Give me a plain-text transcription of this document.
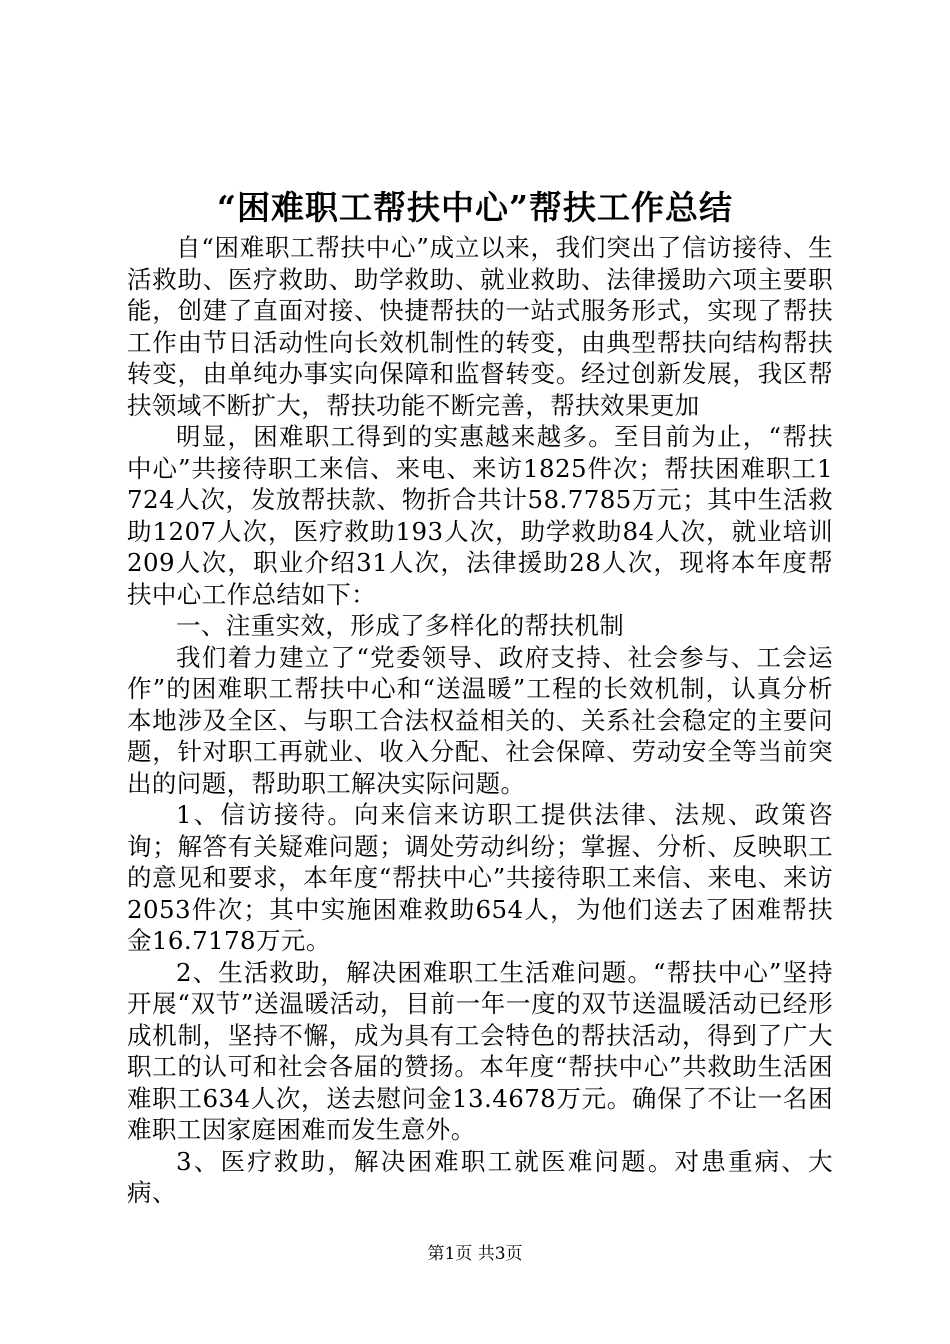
“困难职工帮扶中心”帮扶工作总结

自“困难职工帮扶中心”成立以来，我们突出了信访接待、生活救助、医疗救助、助学救助、就业救助、法律援助六项主要职能，创建了直面对接、快捷帮扶的一站式服务形式，实现了帮扶工作由节日活动性向长效机制性的转变，由典型帮扶向结构帮扶转变，由单纯办事实向保障和监督转变。经过创新发展，我区帮扶领域不断扩大，帮扶功能不断完善，帮扶效果更加

明显，困难职工得到的实惠越来越多。至目前为止，“帮扶中心”共接待职工来信、来电、来访1825件次；帮扶困难职工1724人次，发放帮扶款、物折合共计58.7785万元；其中生活救助1207人次，医疗救助193人次，助学救助84人次，就业培训209人次，职业介绍31人次，法律援助28人次，现将本年度帮扶中心工作总结如下：

一、注重实效，形成了多样化的帮扶机制

我们着力建立了“党委领导、政府支持、社会参与、工会运作”的困难职工帮扶中心和“送温暖”工程的长效机制，认真分析本地涉及全区、与职工合法权益相关的、关系社会稳定的主要问题，针对职工再就业、收入分配、社会保障、劳动安全等当前突出的问题，帮助职工解决实际问题。

1、信访接待。向来信来访职工提供法律、法规、政策咨询；解答有关疑难问题；调处劳动纠纷；掌握、分析、反映职工的意见和要求，本年度“帮扶中心”共接待职工来信、来电、来访2053件次；其中实施困难救助654人，为他们送去了困难帮扶金16.7178万元。

2、生活救助，解决困难职工生活难问题。“帮扶中心”坚持开展“双节”送温暖活动，目前一年一度的双节送温暖活动已经形成机制，坚持不懈，成为具有工会特色的帮扶活动，得到了广大职工的认可和社会各届的赞扬。本年度“帮扶中心”共救助生活困难职工634人次，送去慰问金13.4678万元。确保了不让一名困难职工因家庭困难而发生意外。

3、医疗救助，解决困难职工就医难问题。对患重病、大病、

第1页 共3页
